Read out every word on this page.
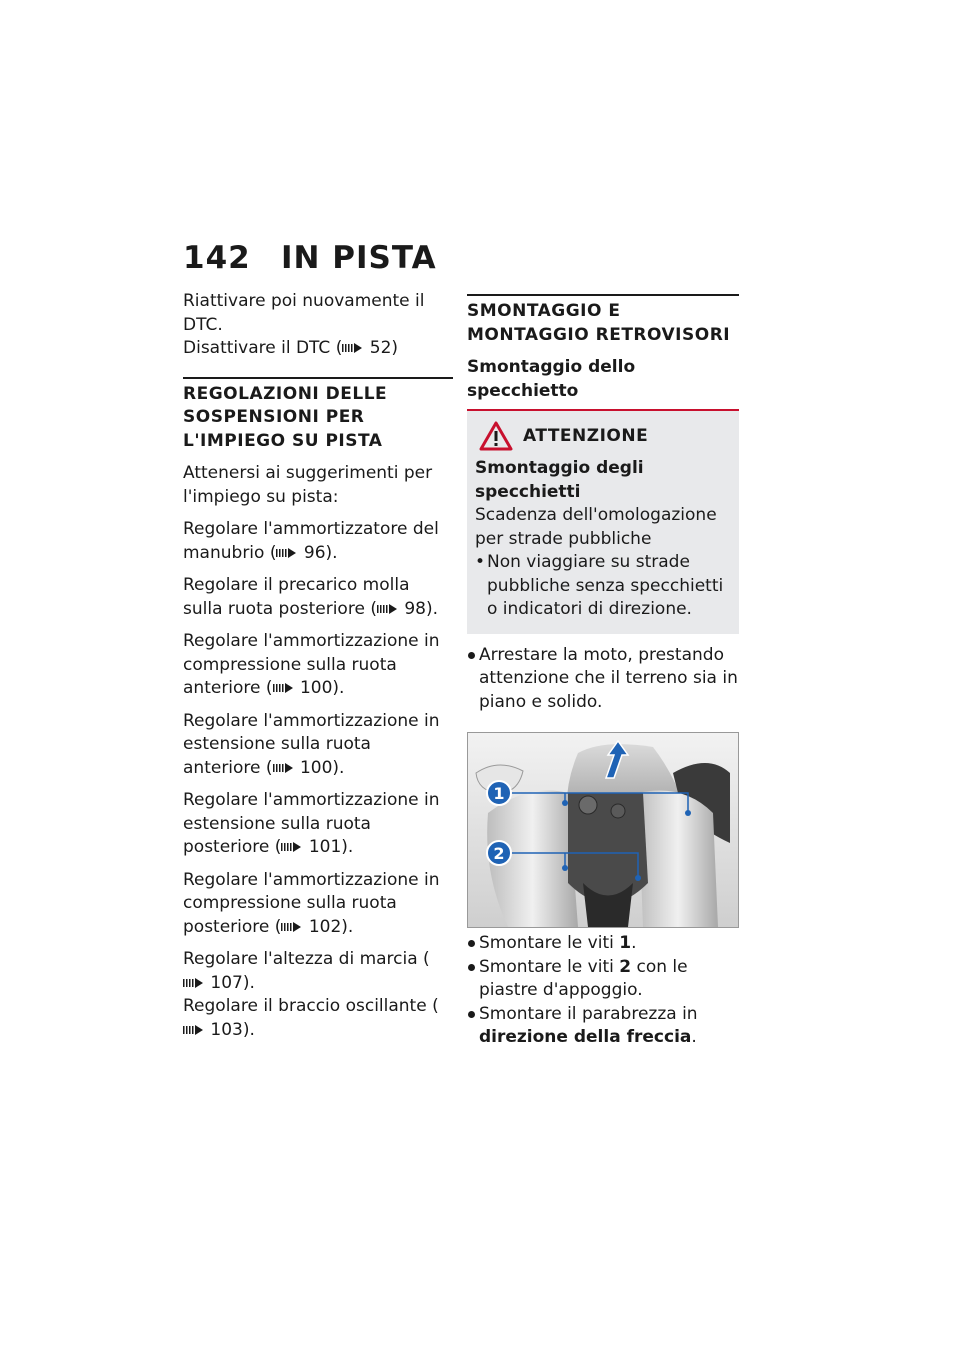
142 IN PISTA

Riattivare poi nuovamente il DTC.

Disattivare il DTC ( 52)

REGOLAZIONI DELLE SOSPENSIONI PER L'IMPIEGO SU PISTA

Attenersi ai suggerimenti per l'impiego su pista:

Regolare l'ammortizzatore del manubrio ( 96).

Regolare il precarico molla sulla ruota posteriore ( 98).

Regolare l'ammortizzazione in compressione sulla ruota anteriore ( 100).

Regolare l'ammortizzazione in estensione sulla ruota anteriore ( 100).

Regolare l'ammortizzazione in estensione sulla ruota posteriore ( 101).

Regolare l'ammortizzazione in compressione sulla ruota posteriore ( 102).

Regolare l'altezza di marcia ( 107).

Regolare il braccio oscillante ( 103).

SMONTAGGIO E MONTAGGIO RETROVISORI
Smontaggio dello specchietto
ATTENZIONE
Smontaggio degli specchietti

Scadenza dell'omologazione per strade pubbliche

• Non viaggiare su strade pubbliche senza specchietti o indicatori di direzione.
Arrestare la moto, prestando attenzione che il terreno sia in piano e solido.
1
2
Smontare le viti 1.
Smontare le viti 2 con le piastre d'appoggio.
Smontare il parabrezza in direzione della freccia.
